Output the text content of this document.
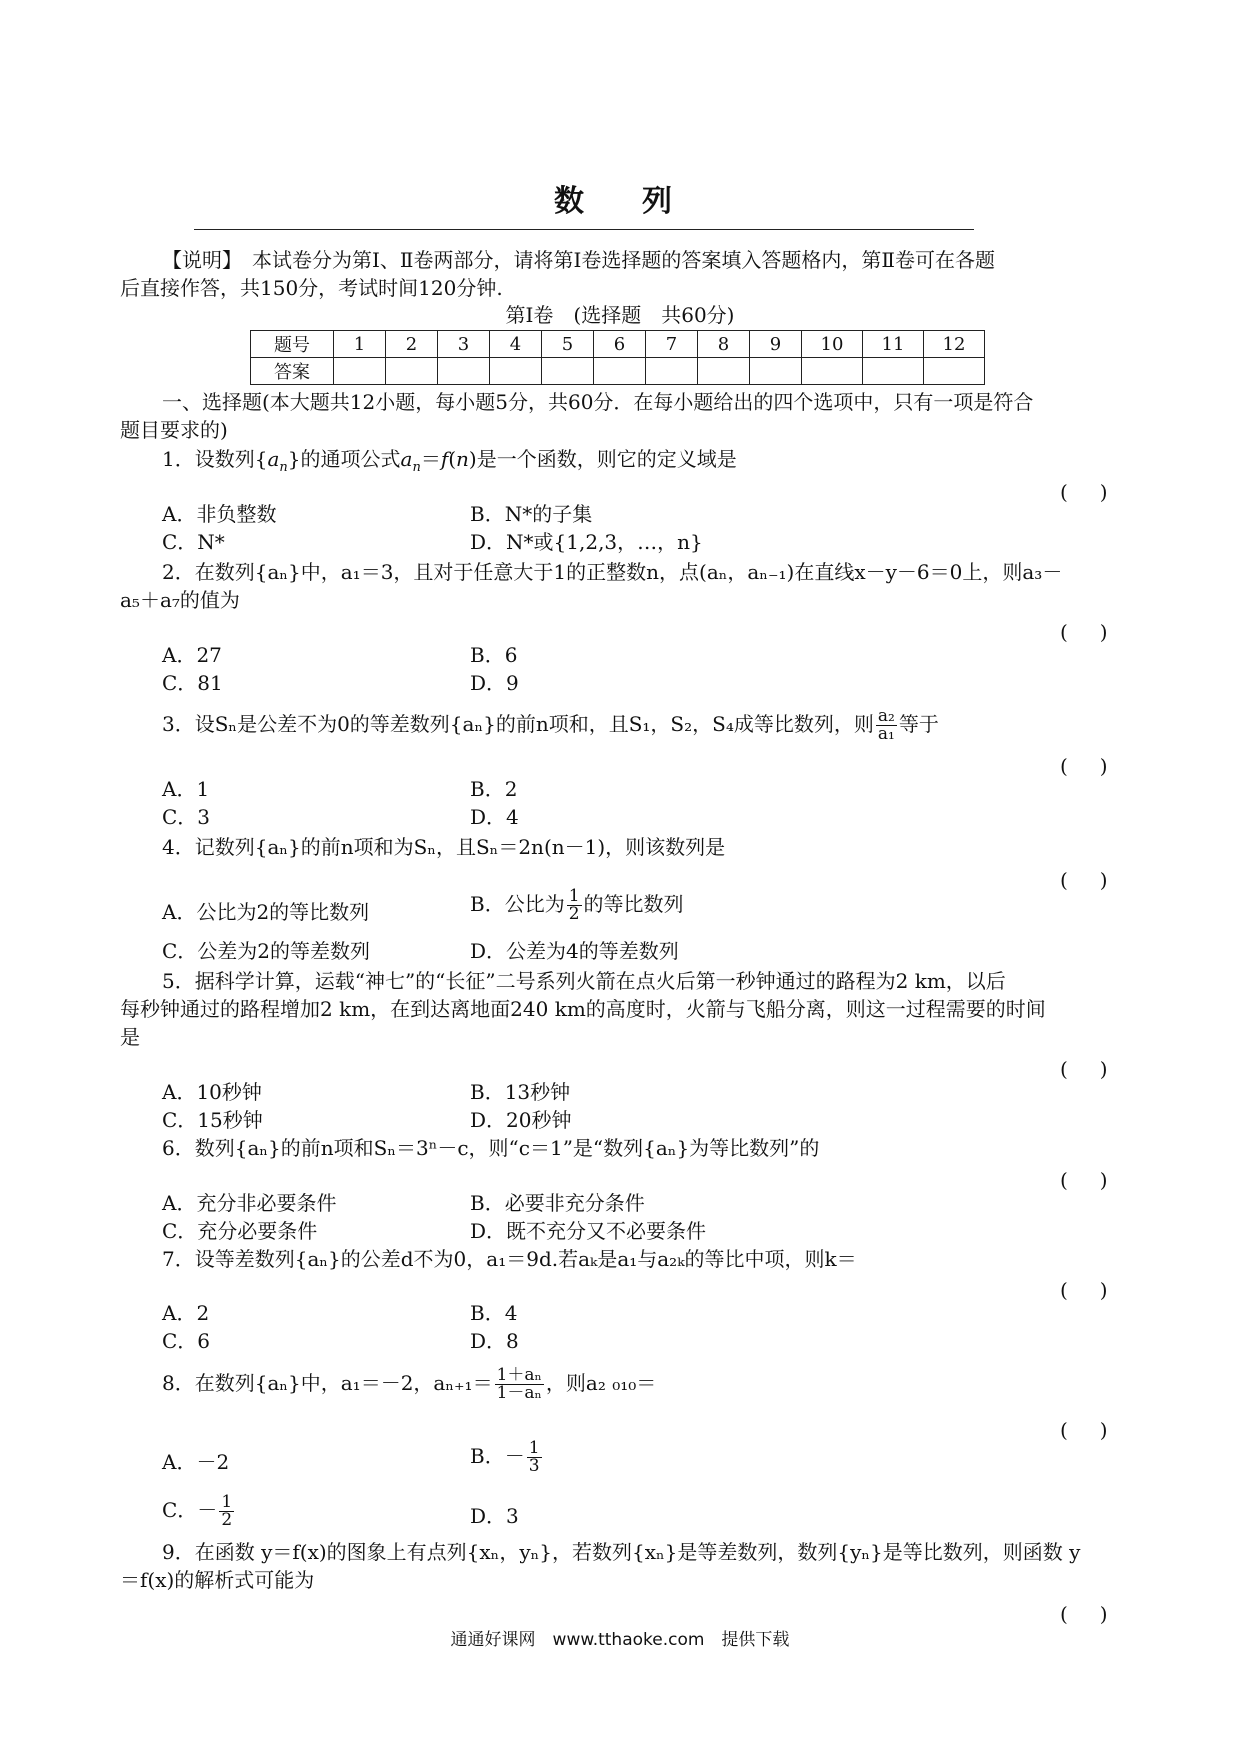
数　列
【说明】　本试卷分为第Ⅰ、Ⅱ卷两部分，请将第Ⅰ卷选择题的答案填入答题格内，第Ⅱ卷可在各题
后直接作答，共150分，考试时间120分钟.
第Ⅰ卷　(选择题　共60分)
题号	1	2	3	4	5	6	7	8	9	10	11	12
答案												
一、选择题(本大题共12小题，每小题5分，共60分．在每小题给出的四个选项中，只有一项是符合
题目要求的)
1．设数列$\{a_n\}$的通项公式$a_n=f(n)$是一个函数，则它的定义域是
(　)
A．非负整数	B．N*的子集
C．N*	D．N*或{1,2,3，…，n}
2．在数列{aₙ}中，a₁＝3，且对于任意大于1的正整数n，点(aₙ，aₙ₋₁)在直线x－y－6＝0上，则a₃－
a₅＋a₇的值为
(　)
A．27	B．6
C．81	D．9
3．设Sₙ是公差不为0的等差数列{aₙ}的前n项和，且S₁，S₂，S₄成等比数列，则 $\frac{\text{a₂}}{\text{a₁}}$ 等于
(　)
A．1	B．2
C．3	D．4
4．记数列{aₙ}的前n项和为Sₙ，且Sₙ＝2n(n－1)，则该数列是
(　)
A．公比为2的等比数列	B．公比为 $\frac{1}{2}$ 的等比数列
C．公差为2的等差数列	D．公差为4的等差数列
5．据科学计算，运载“神七”的“长征”二号系列火箭在点火后第一秒钟通过的路程为2 km，以后
每秒钟通过的路程增加2 km，在到达离地面240 km的高度时，火箭与飞船分离，则这一过程需要的时间
是
(　)
A．10秒钟	B．13秒钟
C．15秒钟	D．20秒钟
6．数列{aₙ}的前n项和Sₙ＝3ⁿ－c，则“c＝1”是“数列{aₙ}为等比数列”的
(　)
A．充分非必要条件	B．必要非充分条件
C．充分必要条件	D．既不充分又不必要条件
7．设等差数列{aₙ}的公差d不为0，a₁＝9d.若aₖ是a₁与a₂ₖ的等比中项，则k＝
(　)
A．2	B．4
C．6	D．8
8．在数列{aₙ}中，a₁＝－2，$a_{n+1}= \frac{\text{1＋aₙ}}{\text{1－aₙ}}$ ，则a₂ ₀₁₀＝
(　)
A．－2	B．－ $\frac{1}{3}$
C．－ $\frac{1}{2}$	D．3
9．在函数 y＝f(x)的图象上有点列{xₙ，yₙ}，若数列{xₙ}是等差数列，数列{yₙ}是等比数列，则函数 y
＝f(x)的解析式可能为
(　)
通通好课网　www.tthaoke.com　提供下载
